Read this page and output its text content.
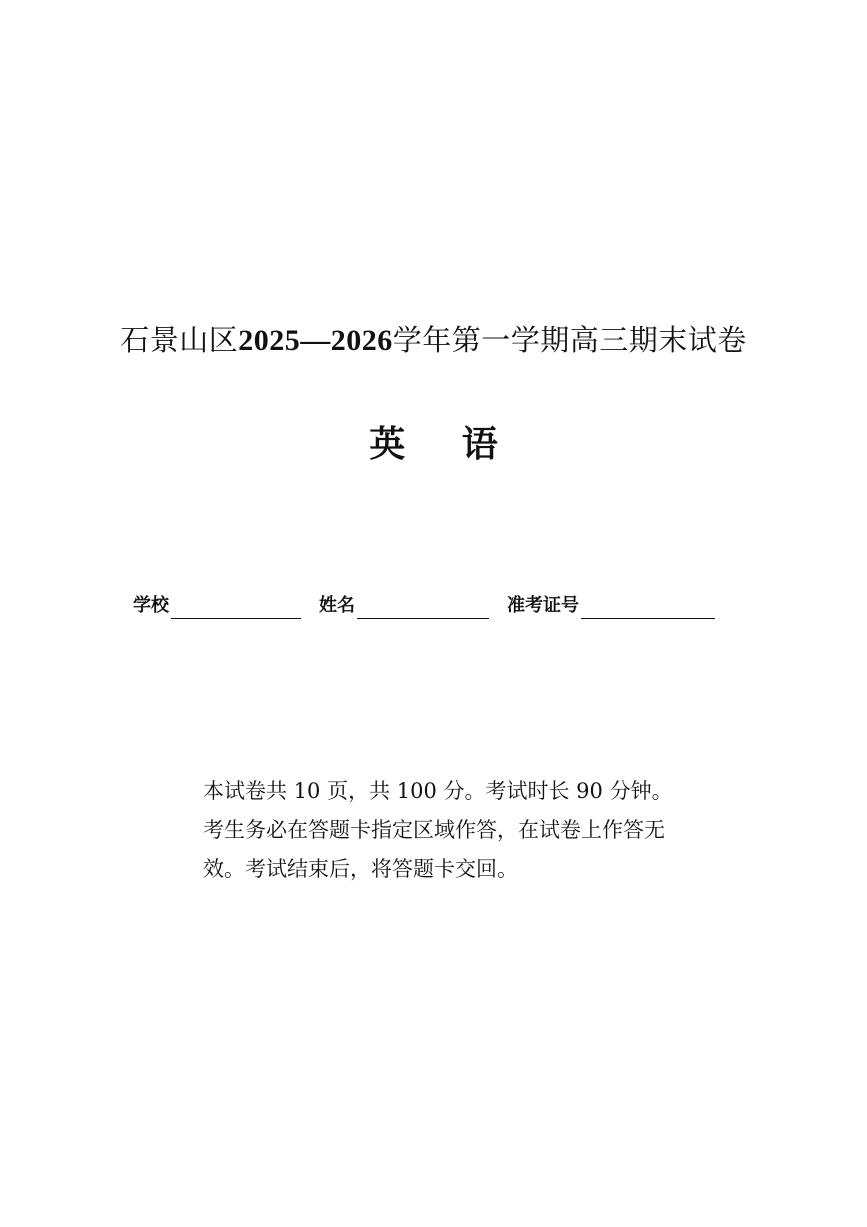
石景山区2025—2026学年第一学期高三期末试卷
英 语
学校	姓名	准考证号

本试卷共 10 页，共 100 分。考试时长 90 分钟。

考生务必在答题卡指定区域作答，在试卷上作答无

效。考试结束后，将答题卡交回。
